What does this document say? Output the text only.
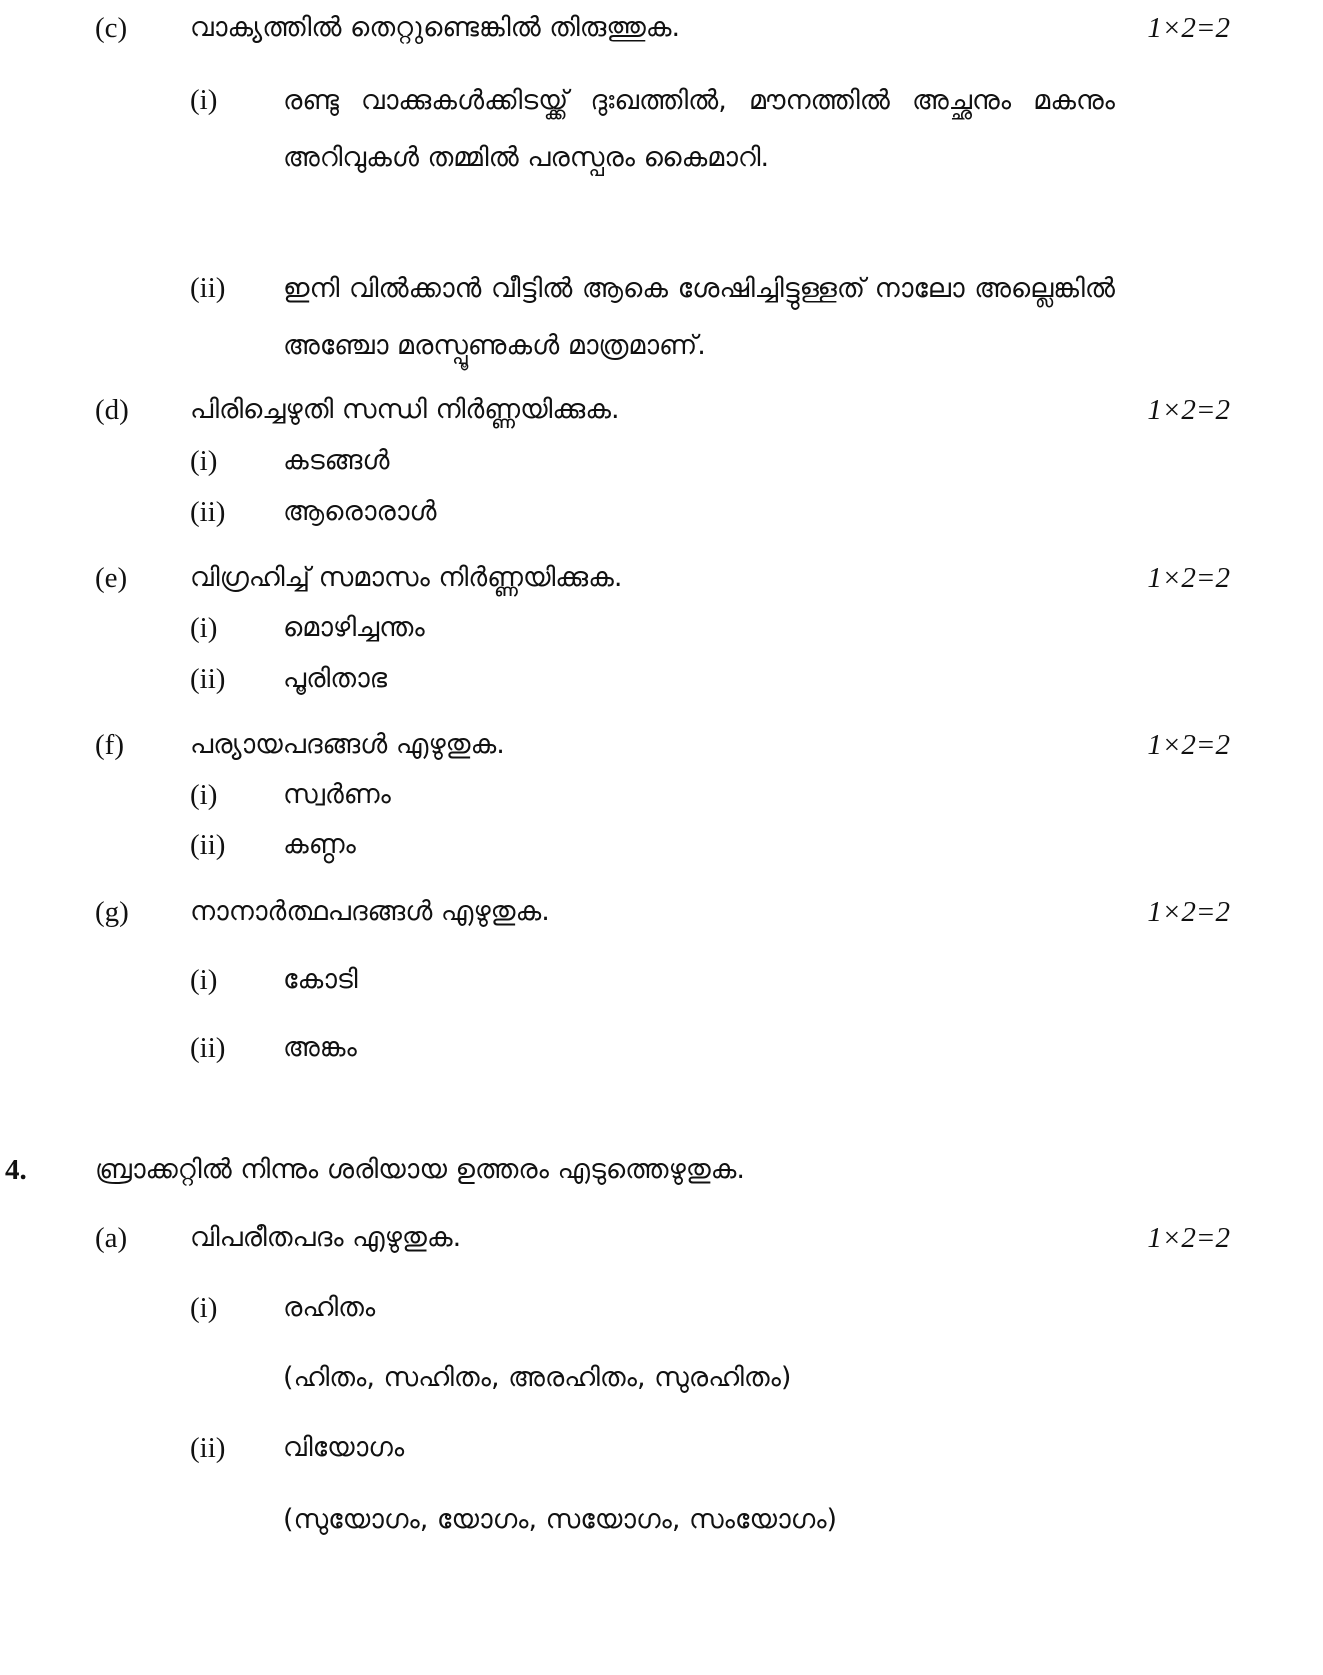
(c) വാക്യത്തിൽ തെറ്റുണ്ടെങ്കിൽ തിരുത്തുക.	1×2=2
(i) രണ്ടു വാക്കുകൾക്കിടയ്ക്ക് ദുഃഖത്തിൽ, മൗനത്തിൽ അച്ഛനും മകനും അറിവുകൾ തമ്മിൽ പരസ്പരം കൈമാറി.
(ii) ഇനി വിൽക്കാൻ വീട്ടിൽ ആകെ ശേഷിച്ചിട്ടുള്ളത് നാലോ അല്ലെങ്കിൽ അഞ്ചോ മരസ്പൂണുകൾ മാത്രമാണ്.
(d) പിരിച്ചെഴുതി സന്ധി നിർണ്ണയിക്കുക.	1×2=2
(i) കടങ്ങൾ
(ii) ആരൊരാൾ
(e) വിഗ്രഹിച്ച് സമാസം നിർണ്ണയിക്കുക.	1×2=2
(i) മൊഴിച്ചന്തം
(ii) പൂരിതാഭ
(f) പര്യായപദങ്ങൾ എഴുതുക.	1×2=2
(i) സ്വർണം
(ii) കണ്ഠം
(g) നാനാർത്ഥപദങ്ങൾ എഴുതുക.	1×2=2
(i) കോടി
(ii) അങ്കം
4.	ബ്രാക്കറ്റിൽ നിന്നും ശരിയായ ഉത്തരം എടുത്തെഴുതുക.
(a) വിപരീതപദം എഴുതുക.	1×2=2
(i) രഹിതം
(ഹിതം, സഹിതം, അരഹിതം, സുരഹിതം)
(ii) വിയോഗം
(സുയോഗം, യോഗം, സയോഗം, സംയോഗം)
